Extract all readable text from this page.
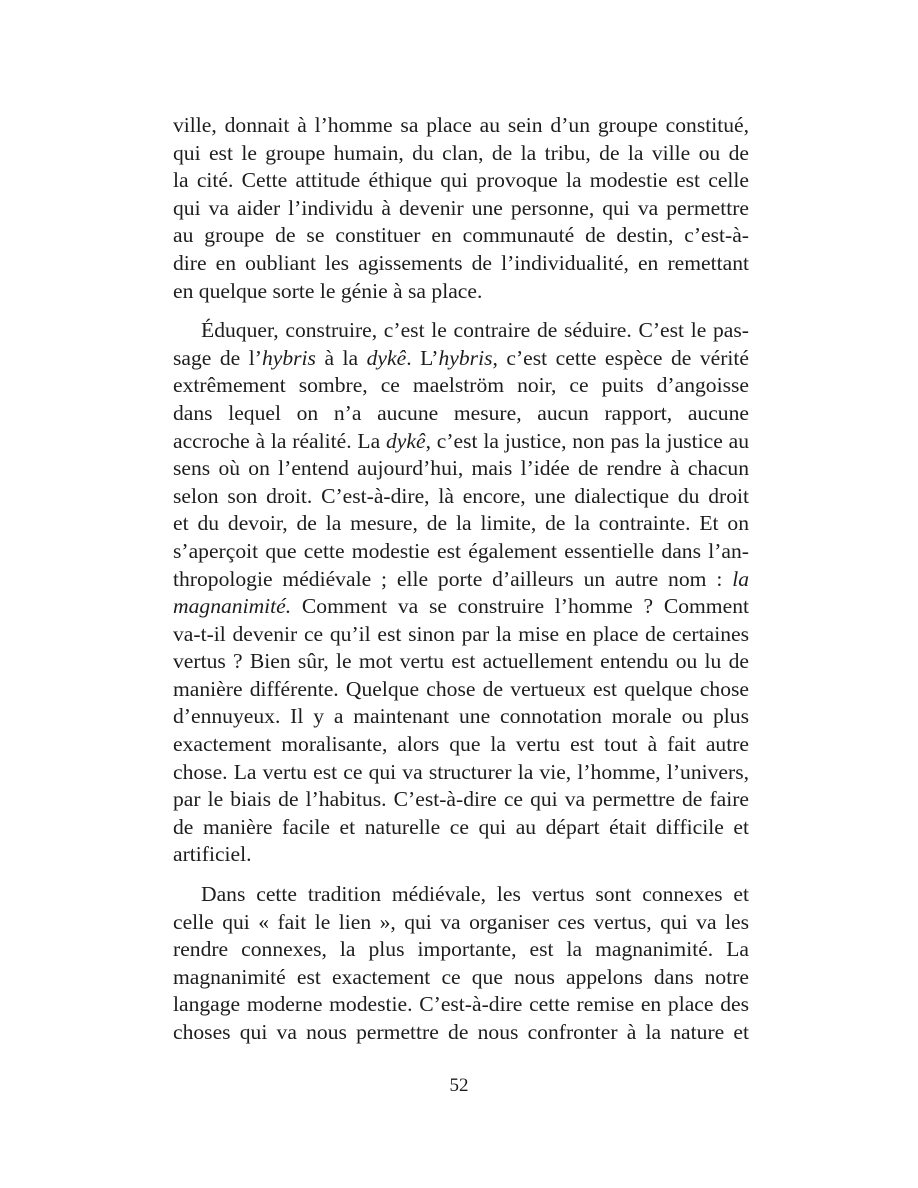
ville, donnait à l’homme sa place au sein d’un groupe constitué,
qui est le groupe humain, du clan, de la tribu, de la ville ou de
la cité. Cette attitude éthique qui provoque la modestie est celle
qui va aider l’individu à devenir une personne, qui va permettre
au groupe de se constituer en communauté de destin, c’est-à-
dire en oubliant les agissements de l’individualité, en remettant
en quelque sorte le génie à sa place.

Éduquer, construire, c’est le contraire de séduire. C’est le pas-
sage de l’hybris à la dykê. L’hybris, c’est cette espèce de vérité
extrêmement sombre, ce maelström noir, ce puits d’angoisse
dans lequel on n’a aucune mesure, aucun rapport, aucune
accroche à la réalité. La dykê, c’est la justice, non pas la justice au
sens où on l’entend aujourd’hui, mais l’idée de rendre à chacun
selon son droit. C’est-à-dire, là encore, une dialectique du droit
et du devoir, de la mesure, de la limite, de la contrainte. Et on
s’aperçoit que cette modestie est également essentielle dans l’an-
thropologie médiévale ; elle porte d’ailleurs un autre nom : la
magnanimité. Comment va se construire l’homme ? Comment
va-t-il devenir ce qu’il est sinon par la mise en place de certaines
vertus ? Bien sûr, le mot vertu est actuellement entendu ou lu de
manière différente. Quelque chose de vertueux est quelque chose
d’ennuyeux. Il y a maintenant une connotation morale ou plus
exactement moralisante, alors que la vertu est tout à fait autre
chose. La vertu est ce qui va structurer la vie, l’homme, l’univers,
par le biais de l’habitus. C’est-à-dire ce qui va permettre de faire
de manière facile et naturelle ce qui au départ était difficile et
artificiel.

Dans cette tradition médiévale, les vertus sont connexes et
celle qui « fait le lien », qui va organiser ces vertus, qui va les
rendre connexes, la plus importante, est la magnanimité. La
magnanimité est exactement ce que nous appelons dans notre
langage moderne modestie. C’est-à-dire cette remise en place des
choses qui va nous permettre de nous confronter à la nature et

52
